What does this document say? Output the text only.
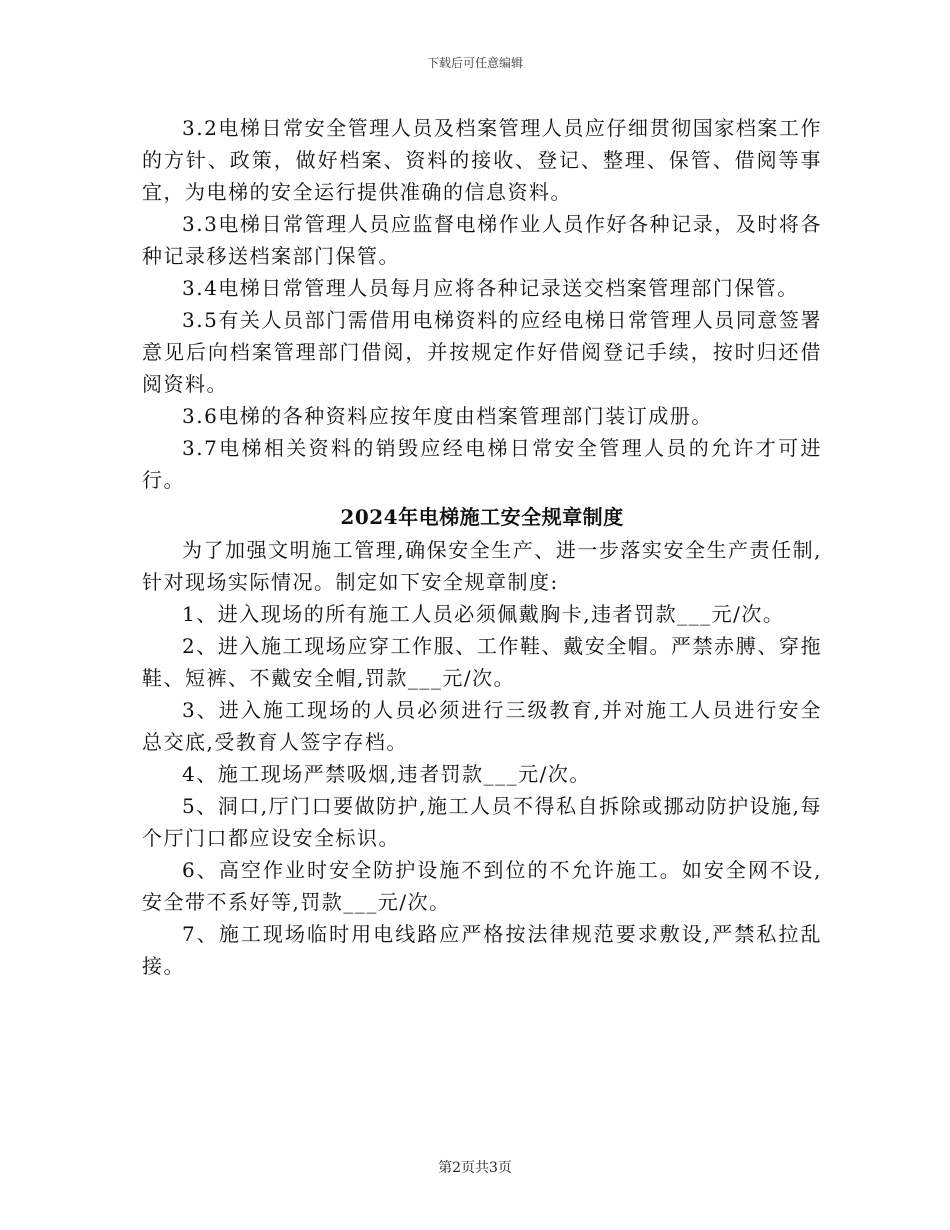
下载后可任意编辑

3.2电梯日常安全管理人员及档案管理人员应仔细贯彻国家档案工作的方针、政策，做好档案、资料的接收、登记、整理、保管、借阅等事宜，为电梯的安全运行提供准确的信息资料。

3.3电梯日常管理人员应监督电梯作业人员作好各种记录，及时将各种记录移送档案部门保管。

3.4电梯日常管理人员每月应将各种记录送交档案管理部门保管。

3.5有关人员部门需借用电梯资料的应经电梯日常管理人员同意签署意见后向档案管理部门借阅，并按规定作好借阅登记手续，按时归还借阅资料。

3.6电梯的各种资料应按年度由档案管理部门装订成册。

3.7电梯相关资料的销毁应经电梯日常安全管理人员的允许才可进行。

2024年电梯施工安全规章制度

为了加强文明施工管理,确保安全生产、进一步落实安全生产责任制,针对现场实际情况。制定如下安全规章制度:

1、进入现场的所有施工人员必须佩戴胸卡,违者罚款___元/次。

2、进入施工现场应穿工作服、工作鞋、戴安全帽。严禁赤膊、穿拖鞋、短裤、不戴安全帽,罚款___元/次。

3、进入施工现场的人员必须进行三级教育,并对施工人员进行安全总交底,受教育人签字存档。

4、施工现场严禁吸烟,违者罚款___元/次。

5、洞口,厅门口要做防护,施工人员不得私自拆除或挪动防护设施,每个厅门口都应设安全标识。

6、高空作业时安全防护设施不到位的不允许施工。如安全网不设,安全带不系好等,罚款___元/次。

7、施工现场临时用电线路应严格按法律规范要求敷设,严禁私拉乱接。

第2页共3页
